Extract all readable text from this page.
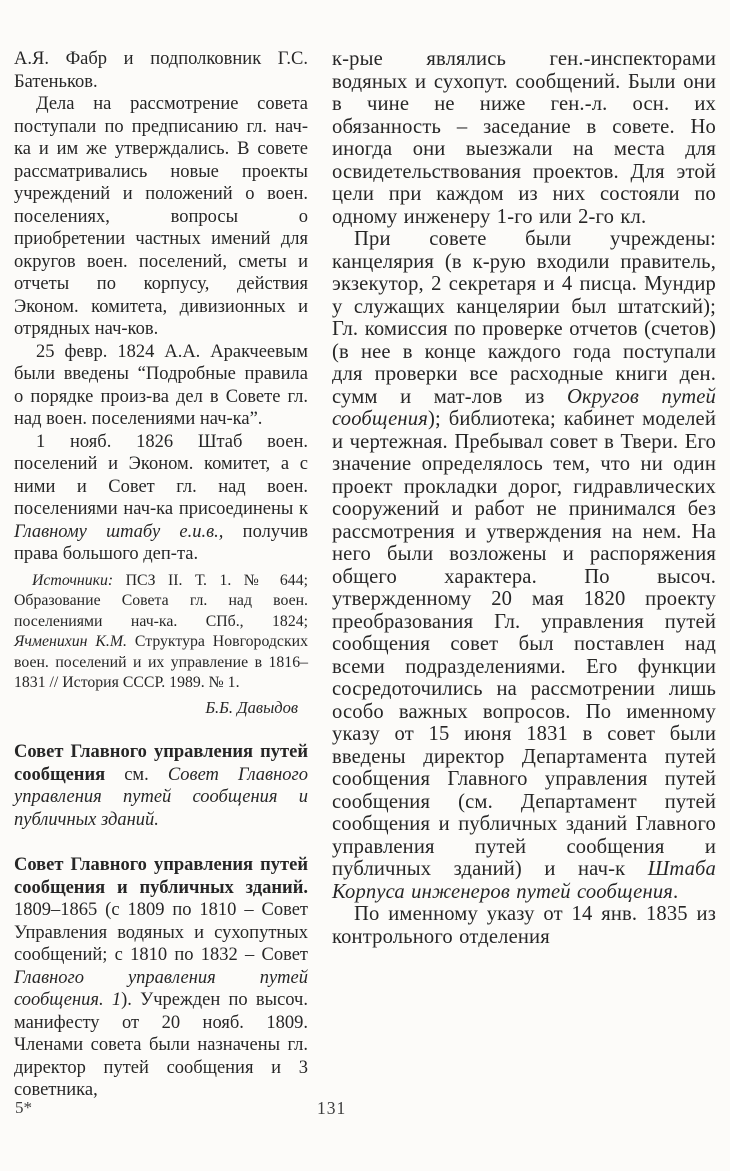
А.Я. Фабр и подполковник Г.С. Батеньков.

Дела на рассмотрение совета поступали по предписанию гл. нач-ка и им же утверждались. В совете рассматривались новые проекты учреждений и положений о воен. поселениях, вопросы о приобретении частных имений для округов воен. поселений, сметы и отчеты по корпусу, действия Эконом. комитета, дивизионных и отрядных нач-ков.

25 февр. 1824 А.А. Аракчеевым были введены “Подробные правила о порядке произ-ва дел в Совете гл. над воен. поселениями нач-ка”.

1 нояб. 1826 Штаб воен. поселений и Эконом. комитет, а с ними и Совет гл. над воен. поселениями нач-ка присоединены к Главному штабу е.и.в., получив права большого деп-та.

Источники: ПСЗ II. Т. 1. № 644; Образование Совета гл. над воен. поселениями нач-ка. СПб., 1824; Ячменихин К.М. Структура Новгородских воен. поселений и их управление в 1816–1831 // История СССР. 1989. № 1.

Б.Б. Давыдов

Совет Главного управления путей сообщения см. Совет Главного управления путей сообщения и публичных зданий.

Совет Главного управления путей сообщения и публичных зданий. 1809–1865 (с 1809 по 1810 – Совет Управления водяных и сухопутных сообщений; с 1810 по 1832 – Совет Главного управления путей сообщения. 1). Учрежден по высоч. манифесту от 20 нояб. 1809. Членами совета были назначены гл. директор путей сообщения и 3 советника,

к-рые являлись ген.-инспекторами водяных и сухопут. сообщений. Были они в чине не ниже ген.-л. осн. их обязанность – заседание в совете. Но иногда они выезжали на места для освидетельствования проектов. Для этой цели при каждом из них состояли по одному инженеру 1-го или 2-го кл.

При совете были учреждены: канцелярия (в к-рую входили правитель, экзекутор, 2 секретаря и 4 писца. Мундир у служащих канцелярии был штатский); Гл. комиссия по проверке отчетов (счетов) (в нее в конце каждого года поступали для проверки все расходные книги ден. сумм и мат-лов из Округов путей сообщения); библиотека; кабинет моделей и чертежная. Пребывал совет в Твери. Его значение определялось тем, что ни один проект прокладки дорог, гидравлических сооружений и работ не принимался без рассмотрения и утверждения на нем. На него были возложены и распоряжения общего характера. По высоч. утвержденному 20 мая 1820 проекту преобразования Гл. управления путей сообщения совет был поставлен над всеми подразделениями. Его функции сосредоточились на рассмотрении лишь особо важных вопросов. По именному указу от 15 июня 1831 в совет были введены директор Департамента путей сообщения Главного управления путей сообщения (см. Департамент путей сообщения и публичных зданий Главного управления путей сообщения и публичных зданий) и нач-к Штаба Корпуса инженеров путей сообщения.

По именному указу от 14 янв. 1835 из контрольного отделения

5*	131
